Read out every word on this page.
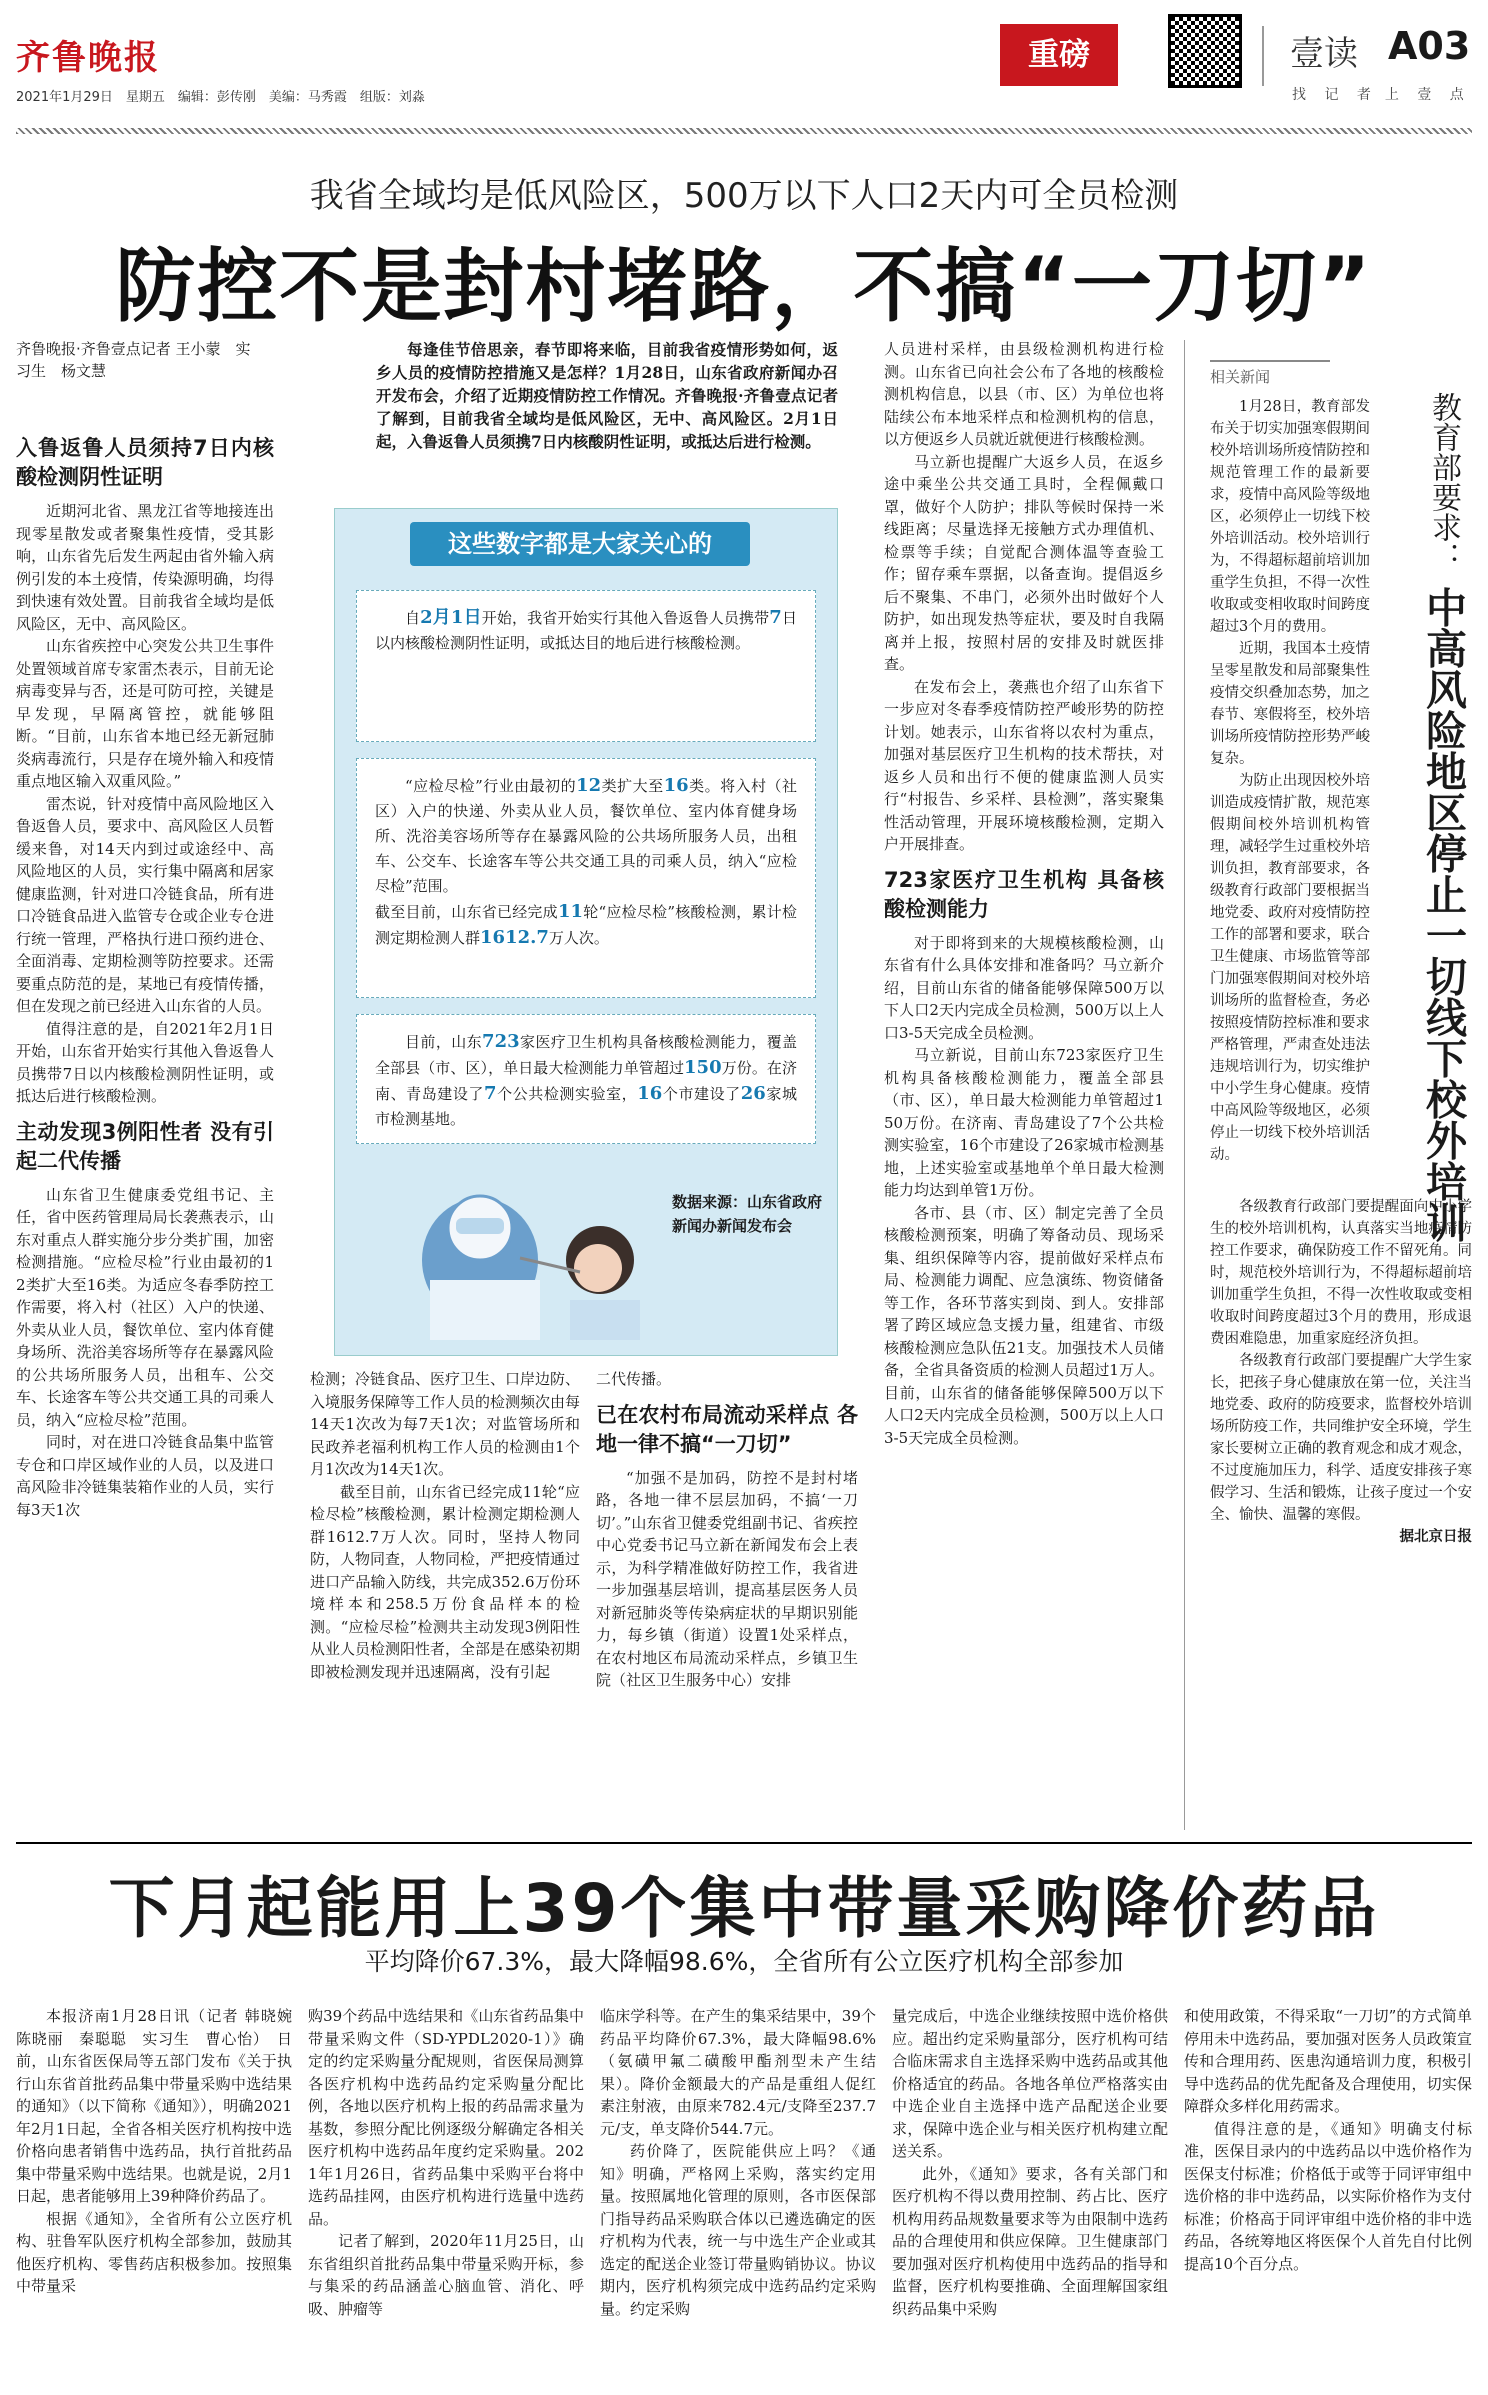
齐鲁晚报
2021年1月29日　星期五　编辑：彭传刚　美编：马秀霞　组版：刘淼
重磅	壹读 A03
找 记 者　上 壹 点
我省全域均是低风险区，500万以下人口2天内可全员检测
防控不是封村堵路，不搞“一刀切”
齐鲁晚报·齐鲁壹点记者 王小蒙　实习生　杨文慧
每逢佳节倍思亲，春节即将来临，目前我省疫情形势如何，返乡人员的疫情防控措施又是怎样？1月28日，山东省政府新闻办召开发布会，介绍了近期疫情防控工作情况。齐鲁晚报·齐鲁壹点记者了解到，目前我省全域均是低风险区，无中、高风险区。2月1日起，入鲁返鲁人员须携7日内核酸阴性证明，或抵达后进行检测。
入鲁返鲁人员须持7日内核酸检测阴性证明

近期河北省、黑龙江省等地接连出现零星散发或者聚集性疫情，受其影响，山东省先后发生两起由省外输入病例引发的本土疫情，传染源明确，均得到快速有效处置。目前我省全域均是低风险区，无中、高风险区。

山东省疾控中心突发公共卫生事件处置领域首席专家雷杰表示，目前无论病毒变异与否，还是可防可控，关键是早发现，早隔离管控，就能够阻断。“目前，山东省本地已经无新冠肺炎病毒流行，只是存在境外输入和疫情重点地区输入双重风险。”

雷杰说，针对疫情中高风险地区入鲁返鲁人员，要求中、高风险区人员暂缓来鲁，对14天内到过或途经中、高风险地区的人员，实行集中隔离和居家健康监测，针对进口冷链食品，所有进口冷链食品进入监管专仓或企业专仓进行统一管理，严格执行进口预约进仓、全面消毒、定期检测等防控要求。还需要重点防范的是，某地已有疫情传播，但在发现之前已经进入山东省的人员。

值得注意的是，自2021年2月1日开始，山东省开始实行其他入鲁返鲁人员携带7日以内核酸检测阴性证明，或抵达后进行核酸检测。

主动发现3例阳性者 没有引起二代传播

山东省卫生健康委党组书记、主任，省中医药管理局局长袭燕表示，山东对重点人群实施分步分类扩围，加密检测措施。“应检尽检”行业由最初的12类扩大至16类。为适应冬春季防控工作需要，将入村（社区）入户的快递、外卖从业人员，餐饮单位、室内体育健身场所、洗浴美容场所等存在暴露风险的公共场所服务人员，出租车、公交车、长途客车等公共交通工具的司乘人员，纳入“应检尽检”范围。

同时，对在进口冷链食品集中监管专仓和口岸区域作业的人员，以及进口高风险非冷链集装箱作业的人员，实行每3天1次

这些数字都是大家关心的
自2月1日开始，我省开始实行其他入鲁返鲁人员携带7日以内核酸检测阴性证明，或抵达目的地后进行核酸检测。
“应检尽检”行业由最初的12类扩大至16类。将入村（社区）入户的快递、外卖从业人员，餐饮单位、室内体育健身场所、洗浴美容场所等存在暴露风险的公共场所服务人员，出租车、公交车、长途客车等公共交通工具的司乘人员，纳入“应检尽检”范围。
截至目前，山东省已经完成11轮“应检尽检”核酸检测，累计检测定期检测人群1612.7万人次。
目前，山东723家医疗卫生机构具备核酸检测能力，覆盖全部县（市、区），单日最大检测能力单管超过150万份。在济南、青岛建设了7个公共检测实验室，16个市建设了26家城市检测基地。
数据来源：山东省政府新闻办新闻发布会

检测；冷链食品、医疗卫生、口岸边防、入境服务保障等工作人员的检测频次由每14天1次改为每7天1次；对监管场所和民政养老福利机构工作人员的检测由1个月1次改为14天1次。

截至目前，山东省已经完成11轮“应检尽检”核酸检测，累计检测定期检测人群1612.7万人次。同时，坚持人物同防，人物同查，人物同检，严把疫情通过进口产品输入防线，共完成352.6万份环境样本和258.5万份食品样本的检测。“应检尽检”检测共主动发现3例阳性从业人员检测阳性者，全部是在感染初期即被检测发现并迅速隔离，没有引起

二代传播。

已在农村布局流动采样点 各地一律不搞“一刀切”

“加强不是加码，防控不是封村堵路，各地一律不层层加码，不搞‘一刀切’。”山东省卫健委党组副书记、省疾控中心党委书记马立新在新闻发布会上表示，为科学精准做好防控工作，我省进一步加强基层培训，提高基层医务人员对新冠肺炎等传染病症状的早期识别能力，每乡镇（街道）设置1处采样点，在农村地区布局流动采样点，乡镇卫生院（社区卫生服务中心）安排

人员进村采样，由县级检测机构进行检测。山东省已向社会公布了各地的核酸检测机构信息，以县（市、区）为单位也将陆续公布本地采样点和检测机构的信息，以方便返乡人员就近就便进行核酸检测。

马立新也提醒广大返乡人员，在返乡途中乘坐公共交通工具时，全程佩戴口罩，做好个人防护；排队等候时保持一米线距离；尽量选择无接触方式办理值机、检票等手续；自觉配合测体温等查验工作；留存乘车票据，以备查询。提倡返乡后不聚集、不串门，必须外出时做好个人防护，如出现发热等症状，要及时自我隔离并上报，按照村居的安排及时就医排查。

在发布会上，袭燕也介绍了山东省下一步应对冬春季疫情防控严峻形势的防控计划。她表示，山东省将以农村为重点，加强对基层医疗卫生机构的技术帮扶，对返乡人员和出行不便的健康监测人员实行“村报告、乡采样、县检测”，落实聚集性活动管理，开展环境核酸检测，定期入户开展排查。

723家医疗卫生机构 具备核酸检测能力

对于即将到来的大规模核酸检测，山东省有什么具体安排和准备吗？马立新介绍，目前山东省的储备能够保障500万以下人口2天内完成全员检测，500万以上人口3-5天完成全员检测。

马立新说，目前山东723家医疗卫生机构具备核酸检测能力，覆盖全部县（市、区），单日最大检测能力单管超过150万份。在济南、青岛建设了7个公共检测实验室，16个市建设了26家城市检测基地，上述实验室或基地单个单日最大检测能力均达到单管1万份。

各市、县（市、区）制定完善了全员核酸检测预案，明确了筹备动员、现场采集、组织保障等内容，提前做好采样点布局、检测能力调配、应急演练、物资储备等工作，各环节落实到岗、到人。安排部署了跨区域应急支援力量，组建省、市级核酸检测应急队伍21支。加强技术人员储备，全省具备资质的检测人员超过1万人。目前，山东省的储备能够保障500万以下人口2天内完成全员检测，500万以上人口3-5天完成全员检测。

相关新闻
教育部要求： 中高风险地区停止一切线下校外培训

1月28日，教育部发布关于切实加强寒假期间校外培训场所疫情防控和规范管理工作的最新要求，疫情中高风险等级地区，必须停止一切线下校外培训活动。校外培训行为，不得超标超前培训加重学生负担，不得一次性收取或变相收取时间跨度超过3个月的费用。

近期，我国本土疫情呈零星散发和局部聚集性疫情交织叠加态势，加之春节、寒假将至，校外培训场所疫情防控形势严峻复杂。

为防止出现因校外培训造成疫情扩散，规范寒假期间校外培训机构管理，减轻学生过重校外培训负担，教育部要求，各级教育行政部门要根据当地党委、政府对疫情防控工作的部署和要求，联合卫生健康、市场监管等部门加强寒假期间对校外培训场所的监督检查，务必按照疫情防控标准和要求严格管理，严肃查处违法违规培训行为，切实维护中小学生身心健康。疫情中高风险等级地区，必须停止一切线下校外培训活动。

各级教育行政部门要提醒面向中小学生的校外培训机构，认真落实当地疫情防控工作要求，确保防疫工作不留死角。同时，规范校外培训行为，不得超标超前培训加重学生负担，不得一次性收取或变相收取时间跨度超过3个月的费用，形成退费困难隐患，加重家庭经济负担。

各级教育行政部门要提醒广大学生家长，把孩子身心健康放在第一位，关注当地党委、政府的防疫要求，监督校外培训场所防疫工作，共同维护安全环境，学生家长要树立正确的教育观念和成才观念，不过度施加压力，科学、适度安排孩子寒假学习、生活和锻炼，让孩子度过一个安全、愉快、温馨的寒假。

据北京日报
下月起能用上39个集中带量采购降价药品
平均降价67.3%，最大降幅98.6%，全省所有公立医疗机构全部参加

本报济南1月28日讯（记者 韩晓婉　陈晓丽　秦聪聪　实习生　曹心怡）　日前，山东省医保局等五部门发布《关于执行山东省首批药品集中带量采购中选结果的通知》（以下简称《通知》），明确2021年2月1日起，全省各相关医疗机构按中选价格向患者销售中选药品，执行首批药品集中带量采购中选结果。也就是说，2月1日起，患者能够用上39种降价药品了。

根据《通知》，全省所有公立医疗机构、驻鲁军队医疗机构全部参加，鼓励其他医疗机构、零售药店积极参加。按照集中带量采

购39个药品中选结果和《山东省药品集中带量采购文件（SD-YPDL2020-1）》确定的约定采购量分配规则，省医保局测算各医疗机构中选药品约定采购量分配比例，各地以医疗机构上报的药品需求量为基数，参照分配比例逐级分解确定各相关医疗机构中选药品年度约定采购量。2021年1月26日，省药品集中采购平台将中选药品挂网，由医疗机构进行选量中选药品。

记者了解到，2020年11月25日，山东省组织首批药品集中带量采购开标，参与集采的药品涵盖心脑血管、消化、呼吸、肿瘤等

临床学科等。在产生的集采结果中，39个药品平均降价67.3%，最大降幅98.6%（氨磺甲氟二磺酸甲酯剂型未产生结果）。降价金额最大的产品是重组人促红素注射液，由原来782.4元/支降至237.7元/支，单支降价544.7元。

药价降了，医院能供应上吗？《通知》明确，严格网上采购，落实约定用量。按照属地化管理的原则，各市医保部门指导药品采购联合体以已遴选确定的医疗机构为代表，统一与中选生产企业或其选定的配送企业签订带量购销协议。协议期内，医疗机构须完成中选药品约定采购量。约定采购

量完成后，中选企业继续按照中选价格供应。超出约定采购量部分，医疗机构可结合临床需求自主选择采购中选药品或其他价格适宜的药品。各地各单位严格落实由中选企业自主选择中选产品配送企业要求，保障中选企业与相关医疗机构建立配送关系。

此外，《通知》要求，各有关部门和医疗机构不得以费用控制、药占比、医疗机构用药品规数量要求等为由限制中选药品的合理使用和供应保障。卫生健康部门要加强对医疗机构使用中选药品的指导和监督，医疗机构要推确、全面理解国家组织药品集中采购

和使用政策，不得采取“一刀切”的方式简单停用未中选药品，要加强对医务人员政策宣传和合理用药、医患沟通培训力度，积极引导中选药品的优先配备及合理使用，切实保障群众多样化用药需求。

值得注意的是，《通知》明确支付标准，医保目录内的中选药品以中选价格作为医保支付标准；价格低于或等于同评审组中选价格的非中选药品，以实际价格作为支付标准；价格高于同评审组中选价格的非中选药品，各统筹地区将医保个人首先自付比例提高10个百分点。
